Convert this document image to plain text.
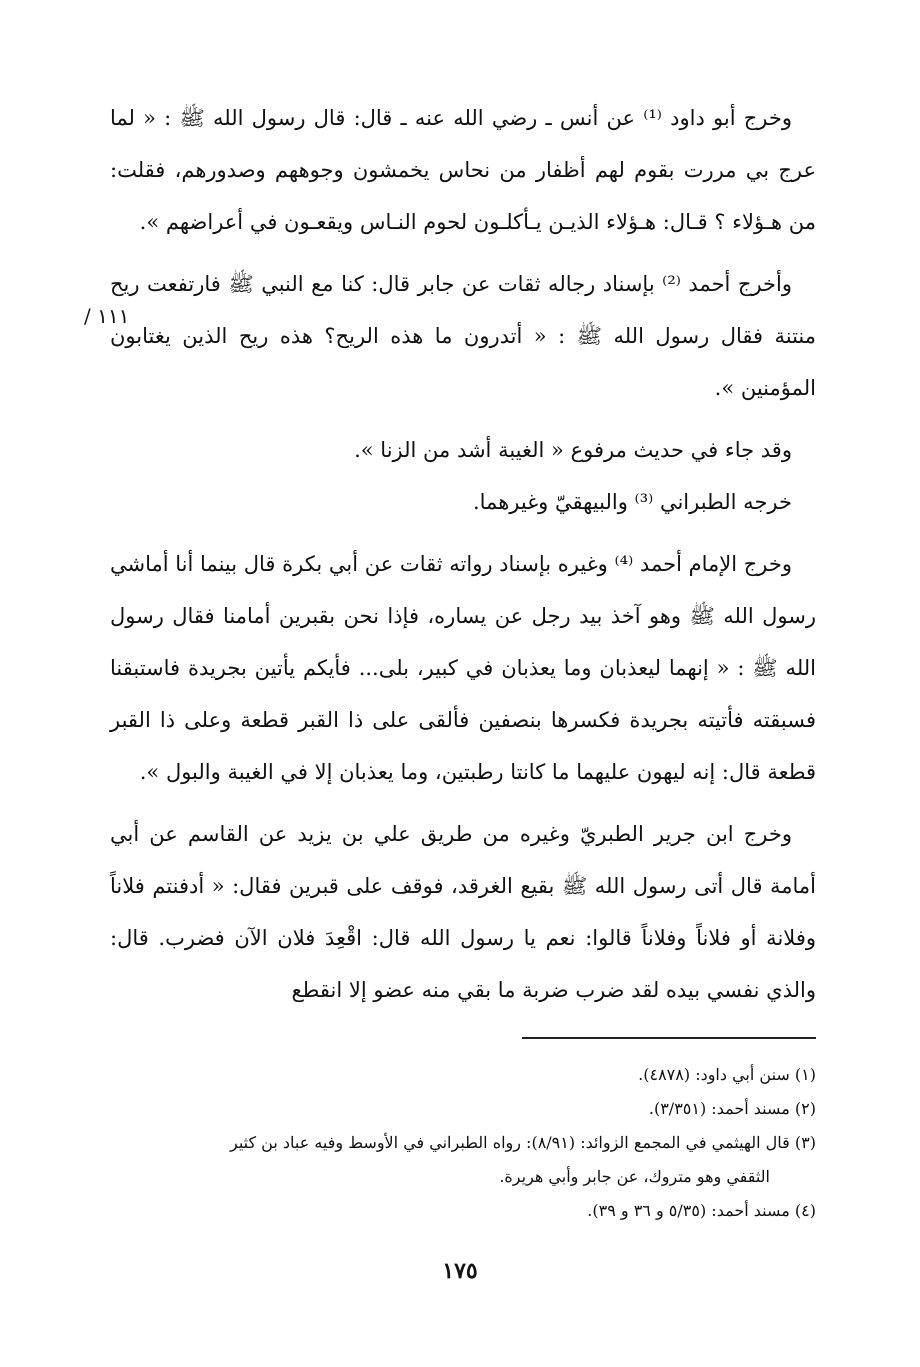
١١١ /

وخرج أبو داود ⁽¹⁾ عن أنس ـ رضي الله عنه ـ قال: قال رسول الله ﷺ : « لما عرج بي مررت بقوم لهم أظفار من نحاس يخمشون وجوههم وصدورهم، فقلت: من هـؤلاء ؟ قـال: هـؤلاء الذيـن يـأكلـون لحوم النـاس ويقعـون في أعراضهم ».

وأخرج أحمد ⁽²⁾ بإسناد رجاله ثقات عن جابر قال: كنا مع النبي ﷺ فارتفعت ريح منتنة فقال رسول الله ﷺ : « أتدرون ما هذه الريح؟ هذه ريح الذين يغتابون المؤمنين ».

وقد جاء في حديث مرفوع « الغيبة أشد من الزنا ».

خرجه الطبراني ⁽³⁾ والبيهقيّ وغيرهما.

وخرج الإمام أحمد ⁽⁴⁾ وغيره بإسناد رواته ثقات عن أبي بكرة قال بينما أنا أماشي رسول الله ﷺ وهو آخذ بيد رجل عن يساره، فإذا نحن بقبرين أمامنا فقال رسول الله ﷺ : « إنهما ليعذبان وما يعذبان في كبير، بلى... فأيكم يأتين بجريدة فاستبقنا فسبقته فأتيته بجريدة فكسرها بنصفين فألقى على ذا القبر قطعة وعلى ذا القبر قطعة قال: إنه ليهون عليهما ما كانتا رطبتين، وما يعذبان إلا في الغيبة والبول ».

وخرج ابن جرير الطبريّ وغيره من طريق علي بن يزيد عن القاسم عن أبي أمامة قال أتى رسول الله ﷺ بقيع الغرقد، فوقف على قبرين فقال: « أدفنتم فلاناً وفلانة أو فلاناً وفلاناً قالوا: نعم يا رسول الله قال: اقْعِدَ فلان الآن فضرب. قال: والذي نفسي بيده لقد ضرب ضربة ما بقي منه عضو إلا انقطع

(١) سنن أبي داود: (٤٨٧٨).

(٢) مسند أحمد: (٣/٣٥١).

(٣) قال الهيثمي في المجمع الزوائد: (٨/٩١): رواه الطبراني في الأوسط وفيه عباد بن كثير

الثقفي وهو متروك، عن جابر وأبي هريرة.

(٤) مسند أحمد: (٥/٣٥ و ٣٦ و ٣٩).

١٧٥
